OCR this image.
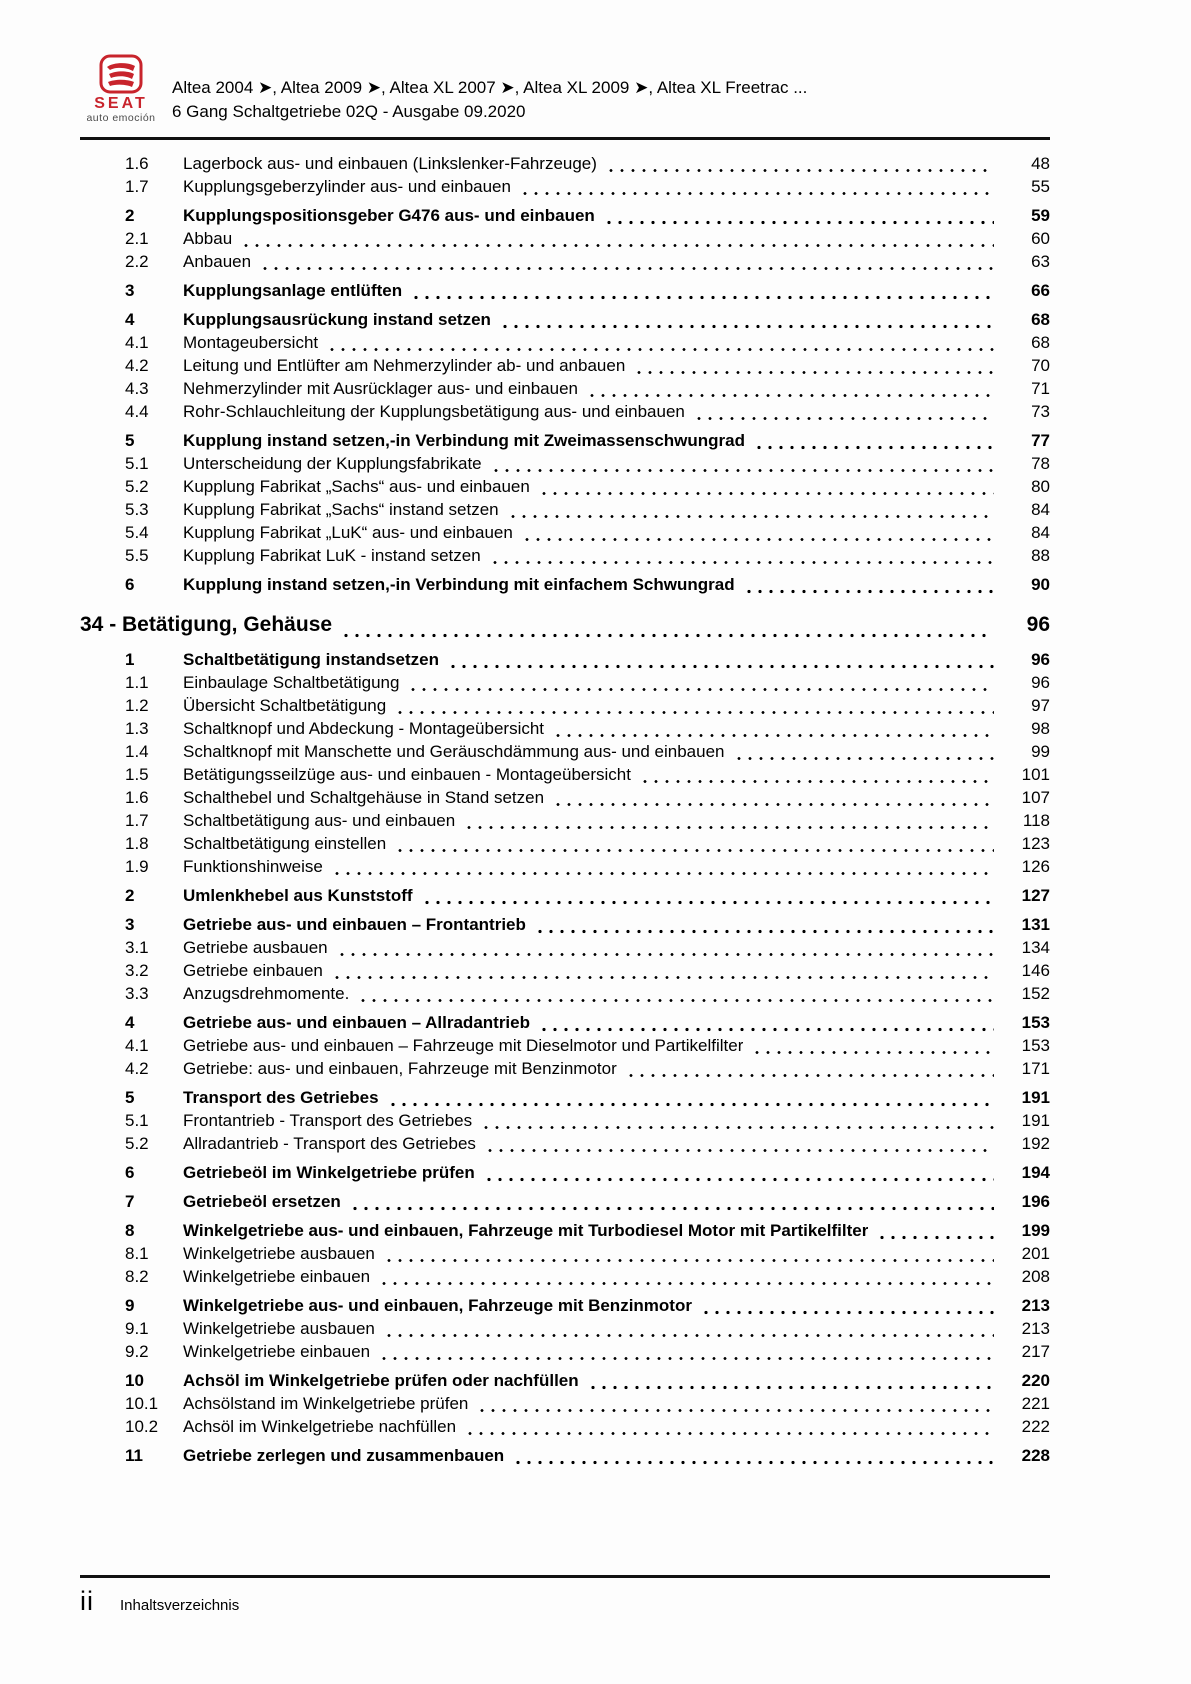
SEAT
auto emoción
Altea 2004 ➤, Altea 2009 ➤, Altea XL 2007 ➤, Altea XL 2009 ➤, Altea XL Freetrac ...
6 Gang Schaltgetriebe 02Q - Ausgabe 09.2020
1.6	Lagerbock aus- und einbauen (Linkslenker-Fahrzeuge)	48
1.7	Kupplungsgeberzylinder aus- und einbauen	55
2	Kupplungspositionsgeber G476 aus- und einbauen	59
2.1	Abbau	60
2.2	Anbauen	63
3	Kupplungsanlage entlüften	66
4	Kupplungsausrückung instand setzen	68
4.1	Montageubersicht	68
4.2	Leitung und Entlüfter am Nehmerzylinder ab- und anbauen	70
4.3	Nehmerzylinder mit Ausrücklager aus- und einbauen	71
4.4	Rohr-Schlauchleitung der Kupplungsbetätigung aus- und einbauen	73
5	Kupplung instand setzen,-in Verbindung mit Zweimassenschwungrad	77
5.1	Unterscheidung der Kupplungsfabrikate	78
5.2	Kupplung Fabrikat „Sachs“ aus- und einbauen	80
5.3	Kupplung Fabrikat „Sachs“ instand setzen	84
5.4	Kupplung Fabrikat „LuK“ aus- und einbauen	84
5.5	Kupplung Fabrikat LuK - instand setzen	88
6	Kupplung instand setzen,-in Verbindung mit einfachem Schwungrad	90
34 - Betätigung, Gehäuse	96
1	Schaltbetätigung instandsetzen	96
1.1	Einbaulage Schaltbetätigung	96
1.2	Übersicht Schaltbetätigung	97
1.3	Schaltknopf und Abdeckung - Montageübersicht	98
1.4	Schaltknopf mit Manschette und Geräuschdämmung aus- und einbauen	99
1.5	Betätigungsseilzüge aus- und einbauen - Montageübersicht	101
1.6	Schalthebel und Schaltgehäuse in Stand setzen	107
1.7	Schaltbetätigung aus- und einbauen	118
1.8	Schaltbetätigung einstellen	123
1.9	Funktionshinweise	126
2	Umlenkhebel aus Kunststoff	127
3	Getriebe aus- und einbauen – Frontantrieb	131
3.1	Getriebe ausbauen	134
3.2	Getriebe einbauen	146
3.3	Anzugsdrehmomente.	152
4	Getriebe aus- und einbauen – Allradantrieb	153
4.1	Getriebe aus- und einbauen – Fahrzeuge mit Dieselmotor und Partikelfilter	153
4.2	Getriebe: aus- und einbauen, Fahrzeuge mit Benzinmotor	171
5	Transport des Getriebes	191
5.1	Frontantrieb - Transport des Getriebes	191
5.2	Allradantrieb - Transport des Getriebes	192
6	Getriebeöl im Winkelgetriebe prüfen	194
7	Getriebeöl ersetzen	196
8	Winkelgetriebe aus- und einbauen, Fahrzeuge mit Turbodiesel Motor mit Partikelfilter	199
8.1	Winkelgetriebe ausbauen	201
8.2	Winkelgetriebe einbauen	208
9	Winkelgetriebe aus- und einbauen, Fahrzeuge mit Benzinmotor	213
9.1	Winkelgetriebe ausbauen	213
9.2	Winkelgetriebe einbauen	217
10	Achsöl im Winkelgetriebe prüfen oder nachfüllen	220
10.1	Achsölstand im Winkelgetriebe prüfen	221
10.2	Achsöl im Winkelgetriebe nachfüllen	222
11	Getriebe zerlegen und zusammenbauen	228
ii Inhaltsverzeichnis
